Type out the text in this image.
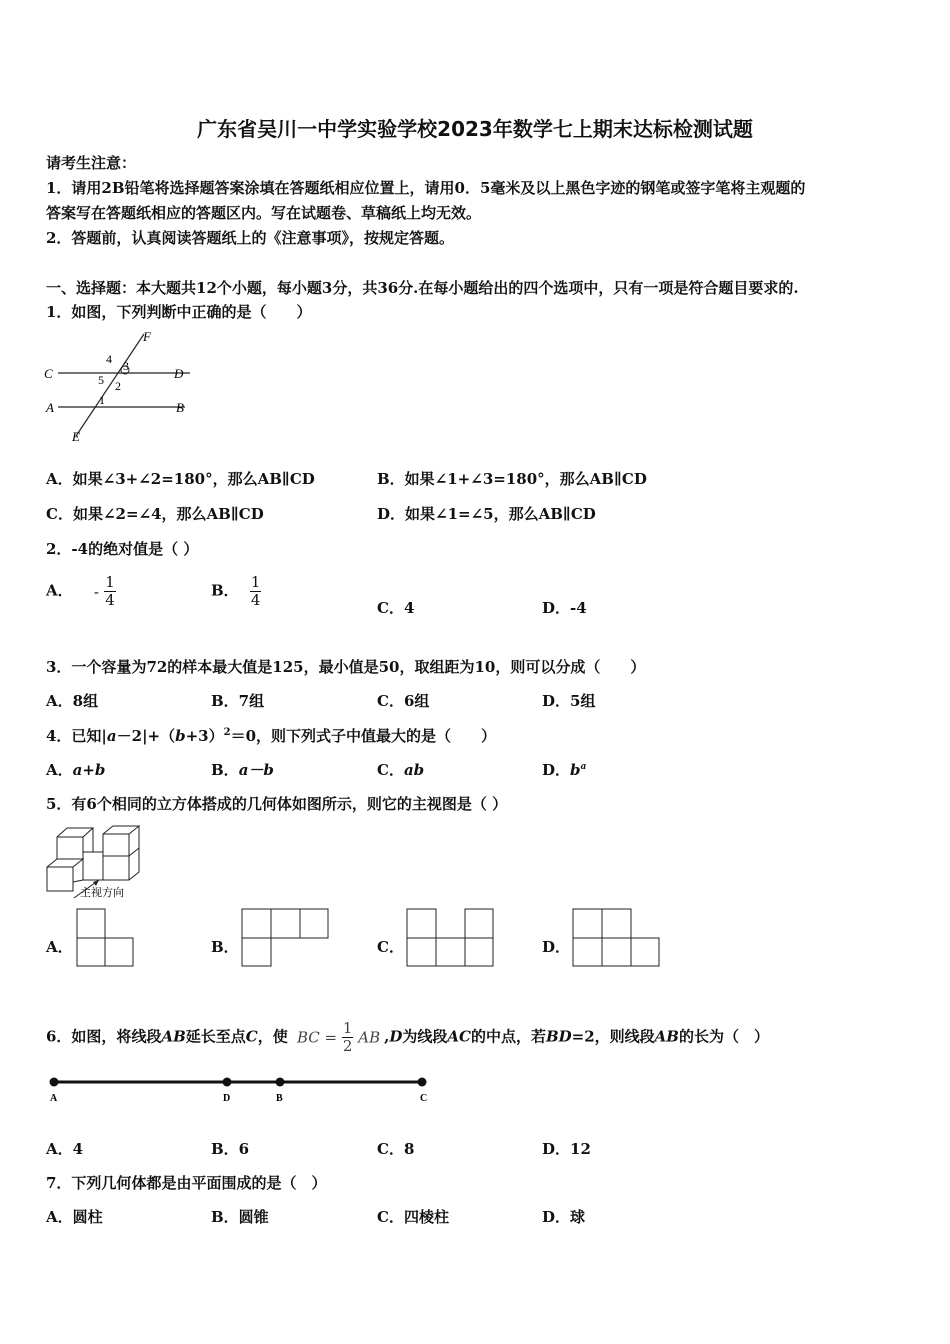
广东省吴川一中学实验学校2023年数学七上期末达标检测试题
请考生注意：
1．请用2B铅笔将选择题答案涂填在答题纸相应位置上，请用0．5毫米及以上黑色字迹的钢笔或签字笔将主观题的
答案写在答题纸相应的答题区内。写在试题卷、草稿纸上均无效。
2．答题前，认真阅读答题纸上的《注意事项》，按规定答题。
一、选择题：本大题共12个小题，每小题3分，共36分.在每小题给出的四个选项中，只有一项是符合题目要求的.
1．如图，下列判断中正确的是（　　）
F
C	D
A	B
E
4 3
5 2
1
A．如果∠3+∠2=180°，那么AB∥CD	B．如果∠1+∠3=180°，那么AB∥CD
C．如果∠2=∠4，那么AB∥CD	D．如果∠1=∠5，那么AB∥CD
2．-4的绝对值是（ ）
A． - $\frac{1}{4}$	B． $\frac{1}{4}$	C．4	D．-4
3．一个容量为72的样本最大值是125，最小值是50，取组距为10，则可以分成（　　）
A．8组	B．7组	C．6组	D．5组
4．已知$|a-2|+(b+3)^2=0$，则下列式子中值最大的是（　　）
A．a+b	B．a－b	C．ab	D．$b^a$
5．有6个相同的立方体搭成的几何体如图所示，则它的主视图是（ ）
主视方向
A．	B．	C．	D．
6．如图，将线段AB延长至点C，使 BC = $\frac{1}{2}$ AB ,D为线段AC的中点，若BD=2，则线段AB的长为（　）
A	D	B	C
A．4	B．6	C．8	D．12
7．下列几何体都是由平面围成的是（　）
A．圆柱	B．圆锥	C．四棱柱	D．球
